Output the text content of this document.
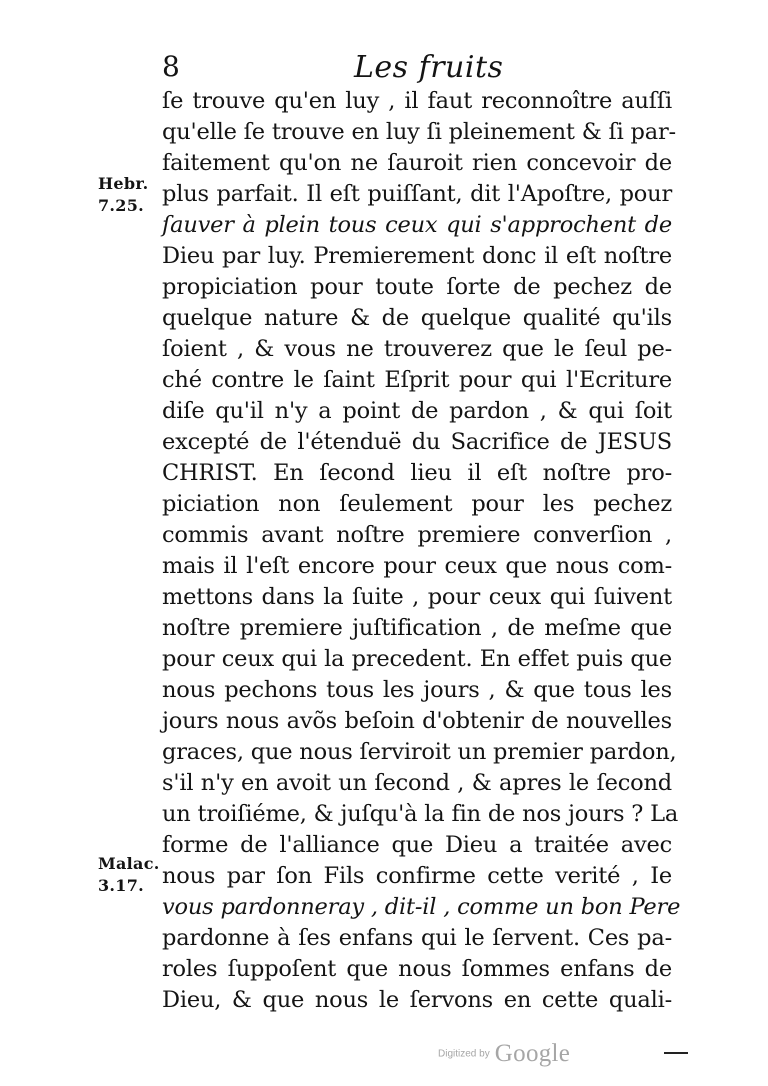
8	Les fruits
Hebr.
7.25.
ſe trouve qu'en luy , il faut reconnoître auſſi
qu'elle ſe trouve en luy ſi pleinement & ſi par-
faitement qu'on ne ſauroit rien concevoir de
plus parfait. Il eſt puiſſant, dit l'Apoſtre, pour
ſauver à plein tous ceux qui s'approchent de
Dieu par luy. Premierement donc il eſt noſtre
propiciation pour toute ſorte de pechez de
quelque nature & de quelque qualité qu'ils
ſoient , & vous ne trouverez que le ſeul pe-
ché contre le ſaint Eſprit pour qui l'Ecriture
diſe qu'il n'y a point de pardon , & qui ſoit
excepté de l'étenduë du Sacrifice de JESUS
CHRIST. En ſecond lieu il eſt noſtre pro-
piciation non ſeulement pour les pechez
commis avant noſtre premiere converſion ,
mais il l'eſt encore pour ceux que nous com-
mettons dans la ſuite , pour ceux qui ſuivent
noſtre premiere juſtification , de meſme que
pour ceux qui la precedent. En effet puis que
nous pechons tous les jours , & que tous les
jours nous avõs beſoin d'obtenir de nouvelles
graces, que nous ſerviroit un premier pardon,
s'il n'y en avoit un ſecond , & apres le ſecond
un troiſiéme, & juſqu'à la fin de nos jours ? La
forme de l'alliance que Dieu a traitée avec
nous par ſon Fils confirme cette verité , Ie
vous pardonneray , dit-il , comme un bon Pere
pardonne à ſes enfans qui le ſervent. Ces pa-
roles ſuppoſent que nous ſommes enfans de
Dieu, & que nous le ſervons en cette quali-
Malac.
3.17.
Digitized by Google
